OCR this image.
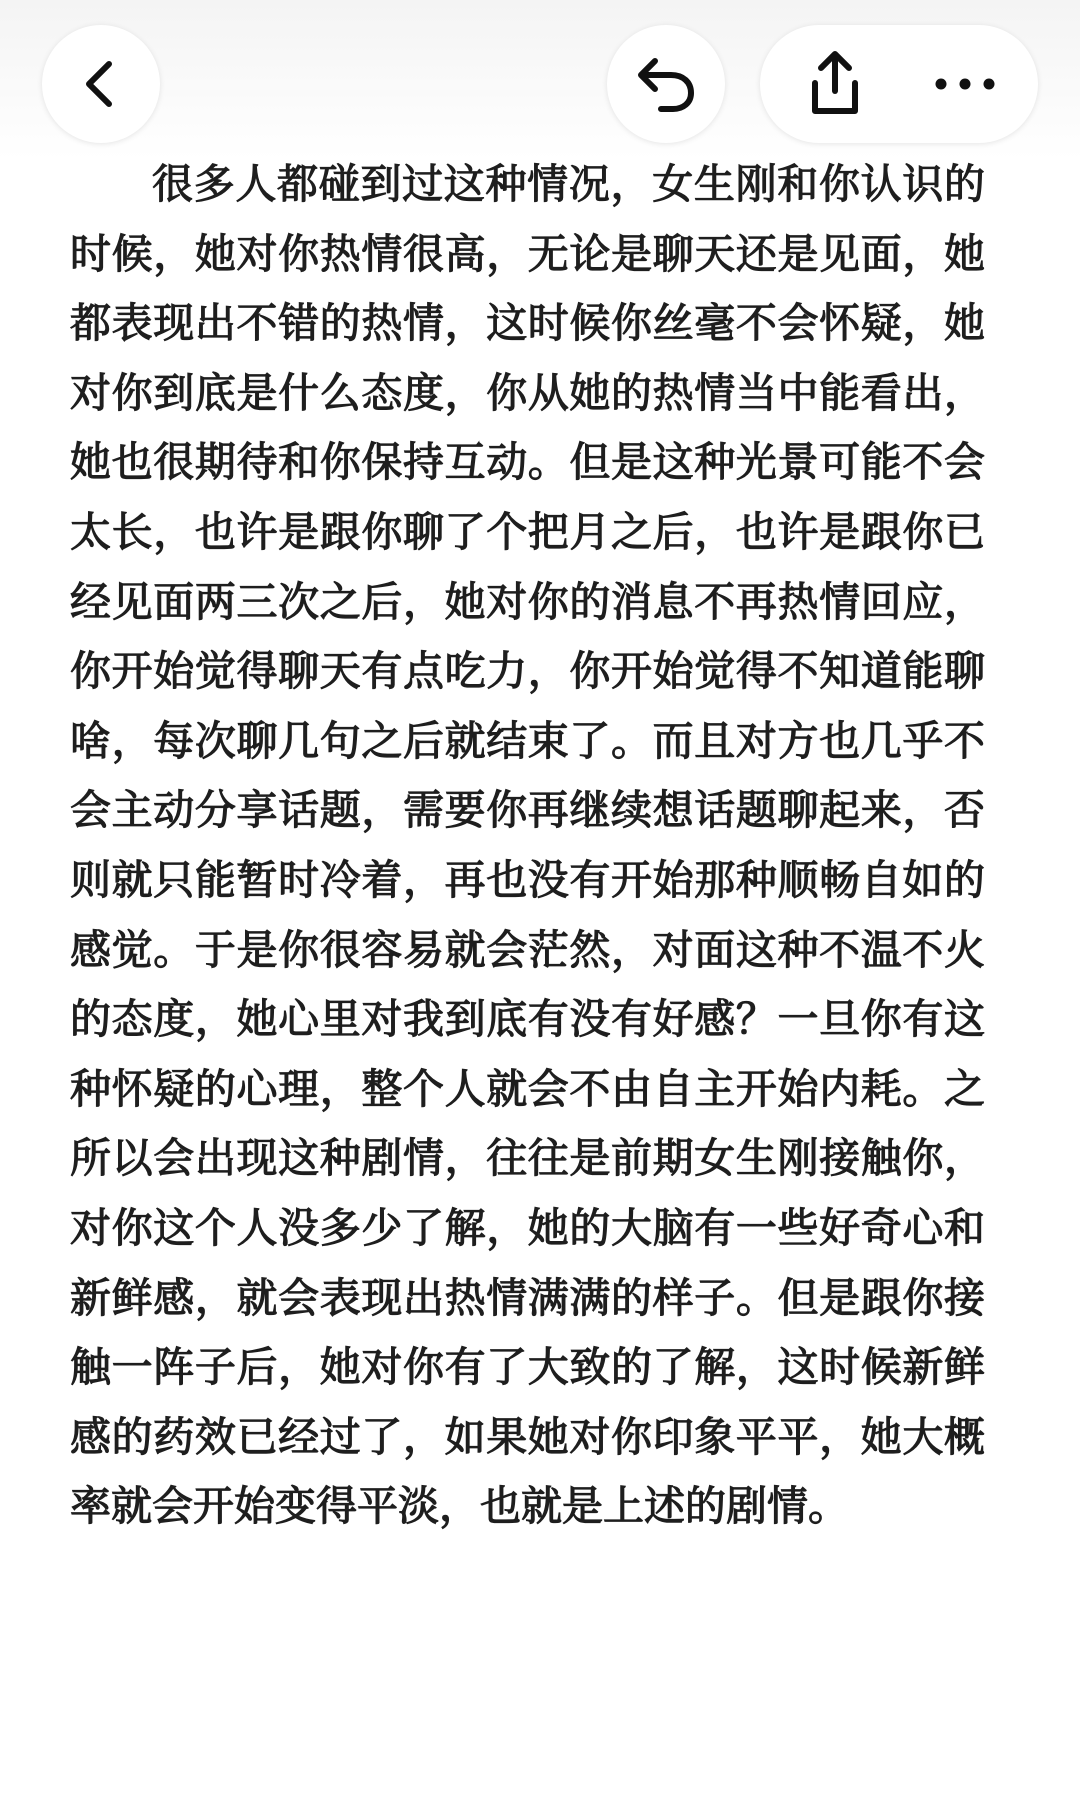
很多人都碰到过这种情况，女生刚和你认识的时候，她对你热情很高，无论是聊天还是见面，她都表现出不错的热情，这时候你丝毫不会怀疑，她对你到底是什么态度，你从她的热情当中能看出，她也很期待和你保持互动。但是这种光景可能不会太长，也许是跟你聊了个把月之后，也许是跟你已经见面两三次之后，她对你的消息不再热情回应，你开始觉得聊天有点吃力，你开始觉得不知道能聊啥，每次聊几句之后就结束了。而且对方也几乎不会主动分享话题，需要你再继续想话题聊起来，否则就只能暂时冷着，再也没有开始那种顺畅自如的感觉。于是你很容易就会茫然，对面这种不温不火的态度，她心里对我到底有没有好感？一旦你有这种怀疑的心理，整个人就会不由自主开始内耗。之所以会出现这种剧情，往往是前期女生刚接触你，对你这个人没多少了解，她的大脑有一些好奇心和新鲜感，就会表现出热情满满的样子。但是跟你接触一阵子后，她对你有了大致的了解，这时候新鲜感的药效已经过了，如果她对你印象平平，她大概率就会开始变得平淡，也就是上述的剧情。
